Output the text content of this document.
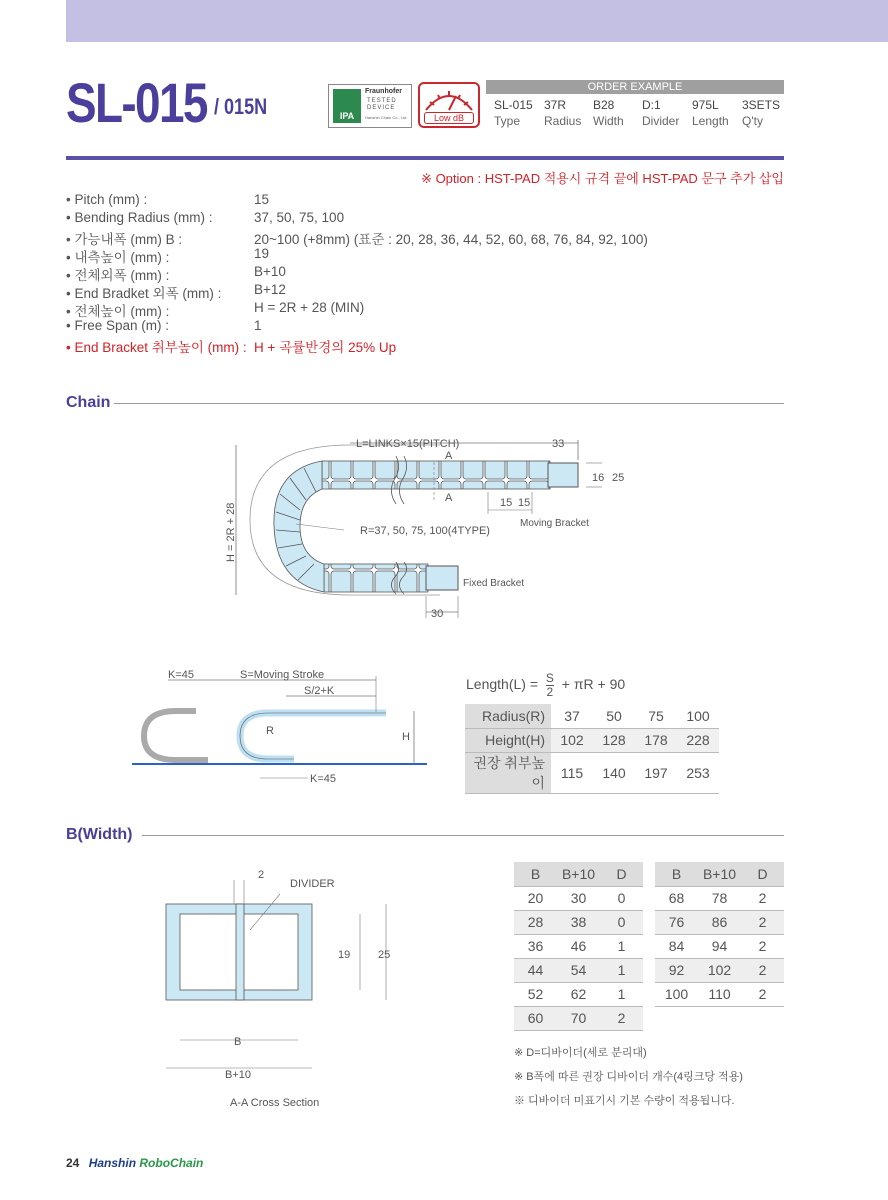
SL-015 / 015N	IPA
Fraunhofer
TESTED
DEVICE
Hanshin Chain Co., Ltd.	Low dB
ORDER EXAMPLE
SL-015 37R B28 D:1	975L 3SETS
Type Radius Width Divider Length Q'ty
※ Option : HST-PAD 적용시 규격 끝에 HST-PAD 문구 추가 삽입
• Pitch (mm) :	15
• Bending Radius (mm) :	37, 50, 75, 100
• 가능내폭 (mm) B :	20~100 (+8mm) (표준 : 20, 28, 36, 44, 52, 60, 68, 76, 84, 92, 100)
• 내측높이 (mm) :	19
• 전체외폭 (mm) :	B+10
• End Bradket 외폭 (mm) : B+12
• 전체높이 (mm) :	H = 2R + 28 (MIN)
• Free Span (m) :	1
• End Bracket 취부높이 (mm) : H + 곡률반경의 25% Up
Chain
L=LINKS×15(PITCH)	33
A
A
16 25
15 15
Moving Bracket
R=37, 50, 75, 100(4TYPE)
H = 2R + 28
Fixed Bracket
30
K=45	S=Moving Stroke
S/2+K
R	H
K=45
2
DIVIDER
19	25
B
B+10
A-A Cross Section
Length(L) = $\frac{S}{2} + \pi R + 90$
Radius(R)	37	50	75	100
Height(H)	102	128	178	228
권장 취부높이	115	140	197	253
B(Width)
B	B+10	D
20	30	0
28	38	0
36	46	1
44	54	1
52	62	1
60	70	2
B	B+10	D
68	78	2
76	86	2
84	94	2
92	102	2
100	110	2
※ D=디바이더(세로 분리대)
※ B폭에 따른 권장 디바이더 개수(4링크당 적용)
※ 디바이더 미표기시 기본 수량이 적용됩니다.
24 Hanshin RoboChain
